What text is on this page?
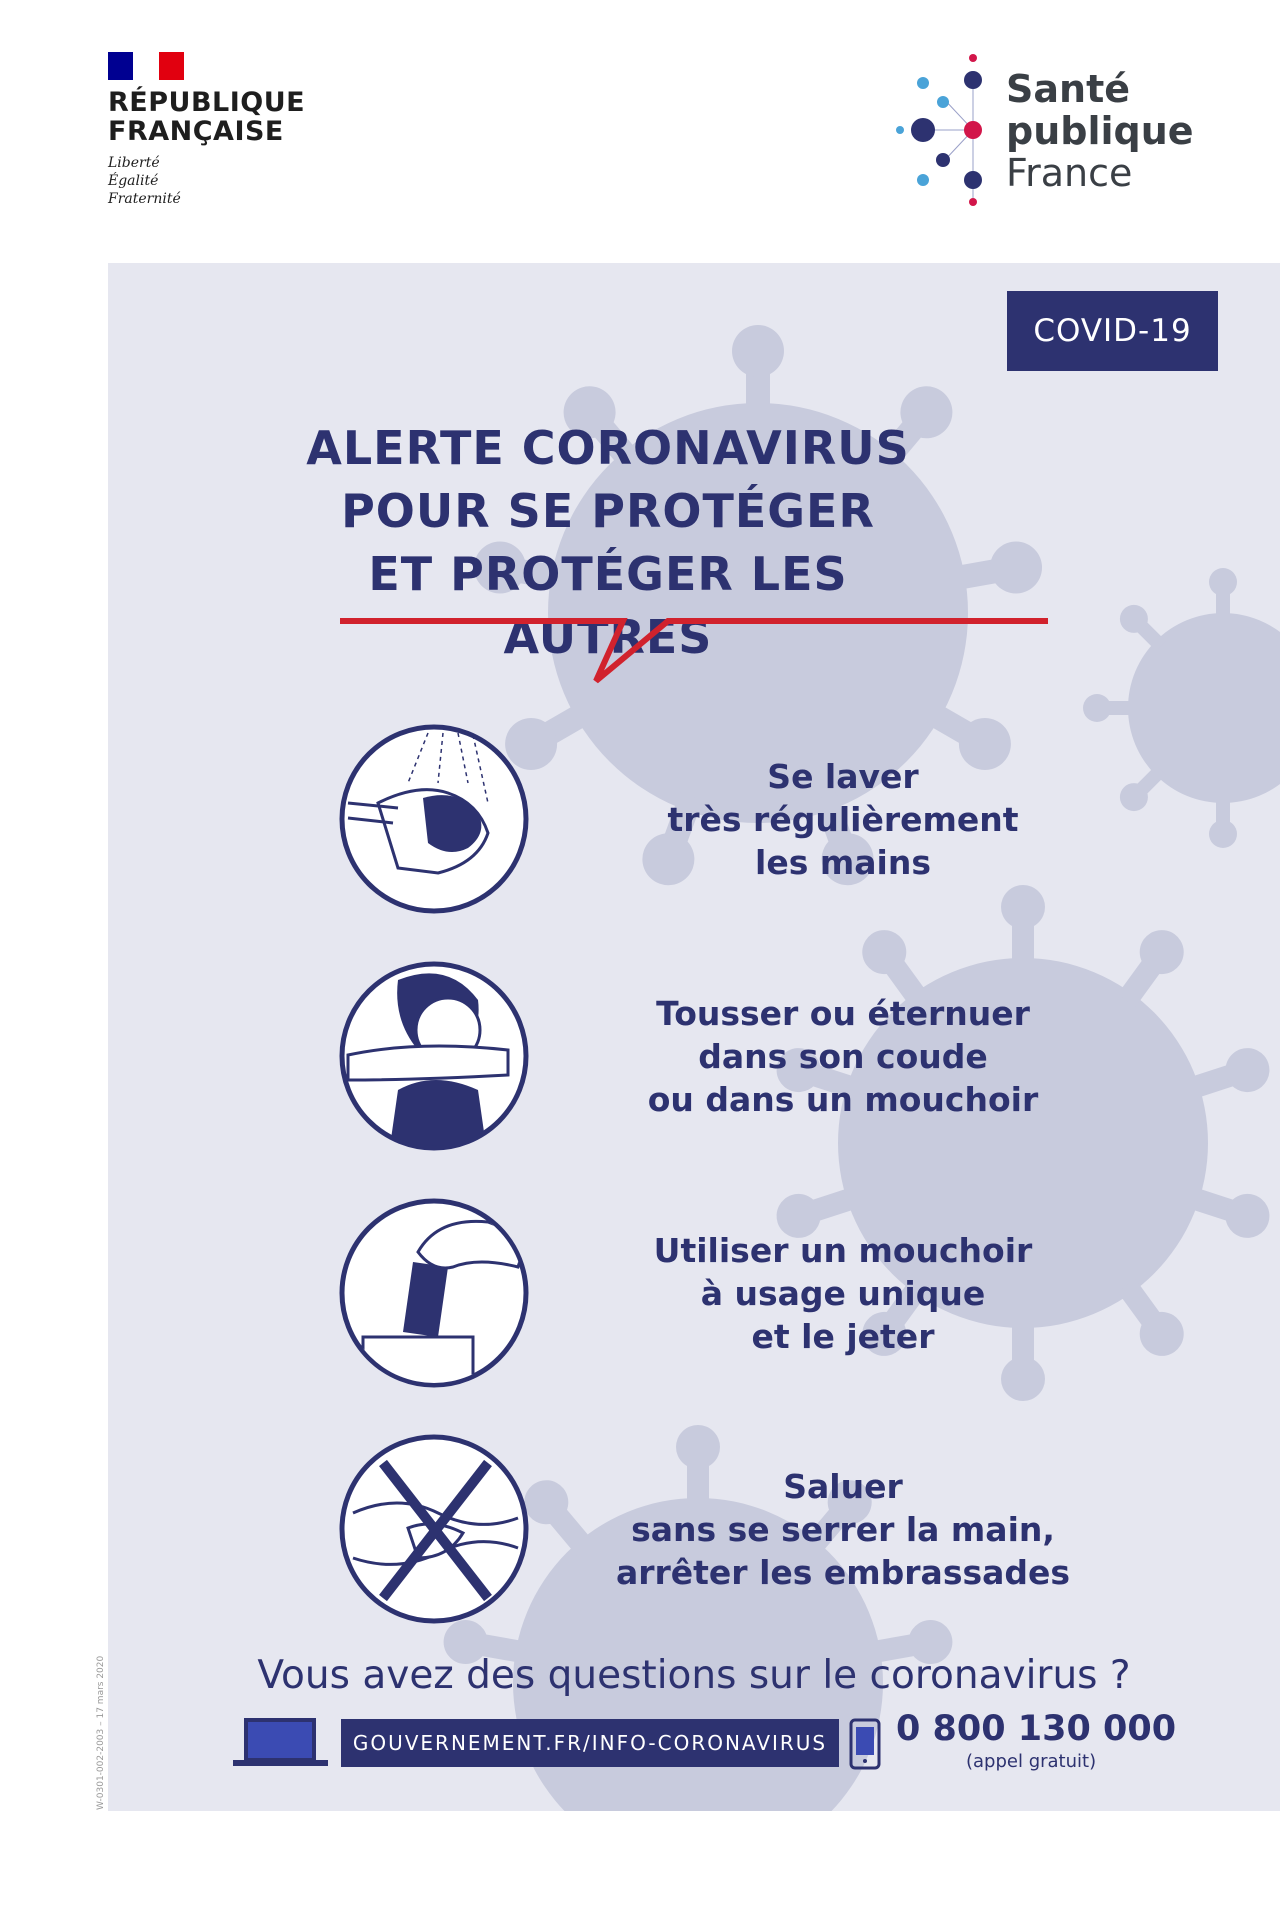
RÉPUBLIQUE
FRANÇAISE
Liberté
Égalité
Fraternité
Santé
publique
France
COVID-19
ALERTE CORONAVIRUS
POUR SE PROTÉGER
ET PROTÉGER LES AUTRES
Se laver
très régulièrement
les mains
Tousser ou éternuer
dans son coude
ou dans un mouchoir
Utiliser un mouchoir
à usage unique
et le jeter
Saluer
sans se serrer la main,
arrêter les embrassades
Vous avez des questions sur le coronavirus ?
GOUVERNEMENT.FR/INFO-CORONAVIRUS	0 800 130 000
(appel gratuit)
W-0301-002-2003 – 17 mars 2020
